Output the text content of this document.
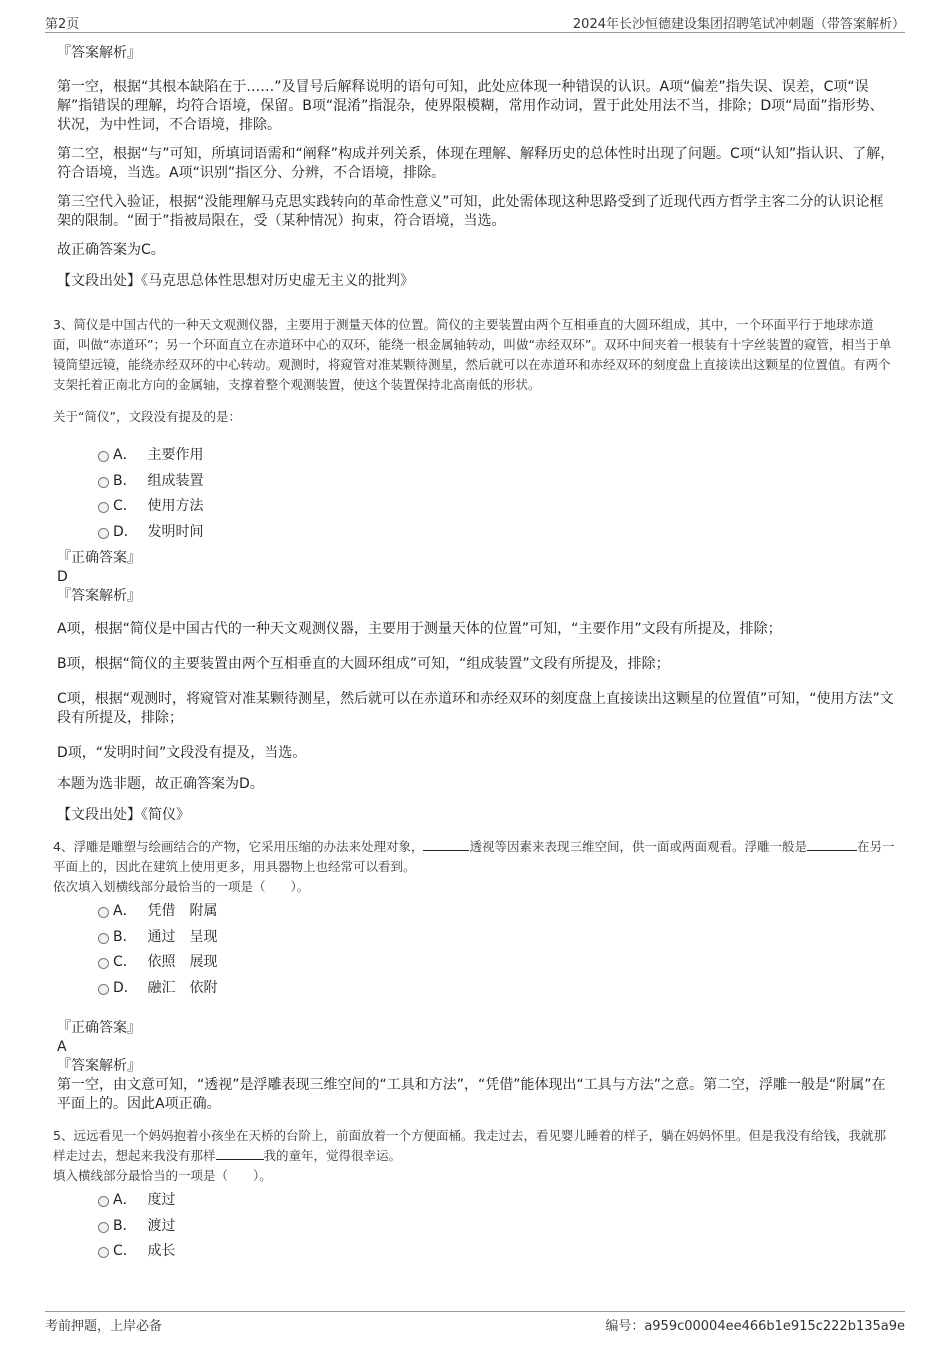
第2页	2024年长沙恒德建设集团招聘笔试冲刺题（带答案解析）

『答案解析』

第一空，根据“其根本缺陷在于……”及冒号后解释说明的语句可知，此处应体现一种错误的认识。A项“偏差”指失误、误差，C项“误解”指错误的理解，均符合语境，保留。B项“混淆”指混杂，使界限模糊，常用作动词，置于此处用法不当，排除；D项“局面”指形势、状况，为中性词，不合语境，排除。

第二空，根据“与”可知，所填词语需和“阐释”构成并列关系，体现在理解、解释历史的总体性时出现了问题。C项“认知”指认识、了解，符合语境，当选。A项“识别”指区分、分辨，不合语境，排除。

第三空代入验证，根据“没能理解马克思实践转向的革命性意义”可知，此处需体现这种思路受到了近现代西方哲学主客二分的认识论框架的限制。“囿于”指被局限在，受（某种情况）拘束，符合语境，当选。

故正确答案为C。

【文段出处】《马克思总体性思想对历史虚无主义的批判》

3、简仪是中国古代的一种天文观测仪器，主要用于测量天体的位置。简仪的主要装置由两个互相垂直的大圆环组成，其中，一个环面平行于地球赤道面，叫做“赤道环”；另一个环面直立在赤道环中心的双环，能绕一根金属轴转动，叫做“赤经双环”。双环中间夹着一根装有十字丝装置的窥管，相当于单镜筒望远镜，能绕赤经双环的中心转动。观测时，将窥管对准某颗待测星，然后就可以在赤道环和赤经双环的刻度盘上直接读出这颗星的位置值。有两个支架托着正南北方向的金属轴，支撑着整个观测装置，使这个装置保持北高南低的形状。

关于“简仪”，文段没有提及的是：

A． 主要作用
B． 组成装置
C． 使用方法
D． 发明时间

『正确答案』

D

『答案解析』

A项，根据“简仪是中国古代的一种天文观测仪器，主要用于测量天体的位置”可知，“主要作用”文段有所提及，排除；

B项，根据“简仪的主要装置由两个互相垂直的大圆环组成”可知，“组成装置”文段有所提及，排除；

C项，根据“观测时，将窥管对准某颗待测星，然后就可以在赤道环和赤经双环的刻度盘上直接读出这颗星的位置值”可知，“使用方法”文段有所提及，排除；

D项，“发明时间”文段没有提及，当选。

本题为选非题，故正确答案为D。

【文段出处】《简仪》

4、浮雕是雕塑与绘画结合的产物，它采用压缩的办法来处理对象，	透视等因素来表现三维空间，供一面或两面观看。浮雕一般是	在另一平面上的，因此在建筑上使用更多，用具器物上也经常可以看到。

依次填入划横线部分最恰当的一项是（　　）。

A． 凭借　附属
B． 通过　呈现
C． 依照　展现
D． 融汇　依附

『正确答案』

A

『答案解析』

第一空，由文意可知，“透视”是浮雕表现三维空间的“工具和方法”，“凭借”能体现出“工具与方法”之意。第二空，浮雕一般是“附属”在平面上的。因此A项正确。

5、远远看见一个妈妈抱着小孩坐在天桥的台阶上，前面放着一个方便面桶。我走过去，看见婴儿睡着的样子，躺在妈妈怀里。但是我没有给钱，我就那样走过去，想起来我没有那样	我的童年，觉得很幸运。

填入横线部分最恰当的一项是（　　）。

A． 度过
B． 渡过
C． 成长
考前押题，上岸必备	编号：a959c00004ee466b1e915c222b135a9e
